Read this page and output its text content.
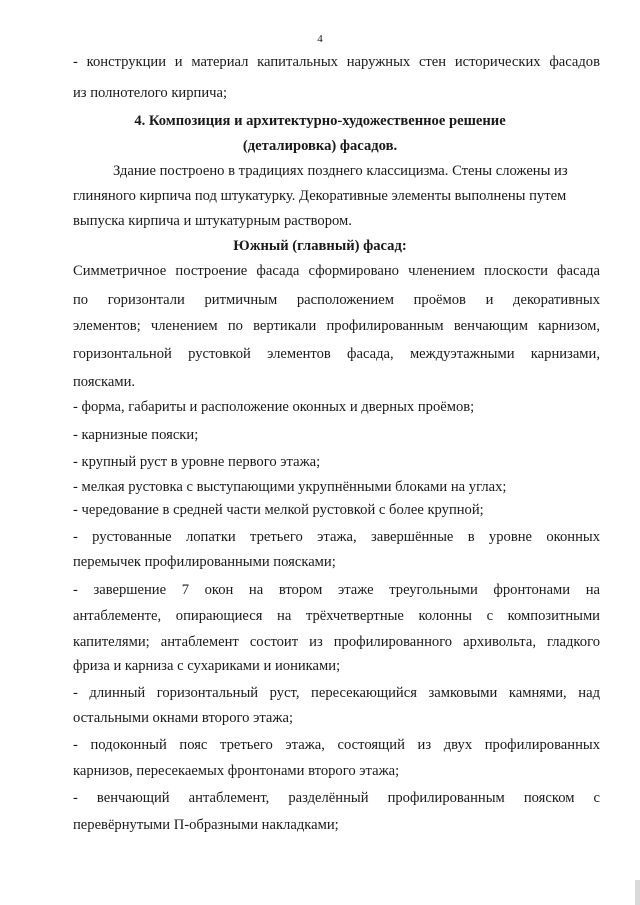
4
- конструкции и материал капитальных наружных стен исторических фасадов
из полнотелого кирпича;
4. Композиция и архитектурно-художественное решение
(деталировка) фасадов.
Здание построено в традициях позднего классицизма. Стены сложены из
глиняного кирпича под штукатурку. Декоративные элементы выполнены путем
выпуска кирпича и штукатурным раствором.
Южный (главный) фасад:
Симметричное построение фасада сформировано членением плоскости фасада
по горизонтали ритмичным расположением проёмов и декоративных
элементов; членением по вертикали профилированным венчающим карнизом,
горизонтальной рустовкой элементов фасада, междуэтажными карнизами,
поясками.
- форма, габариты и расположение оконных и дверных проёмов;
- карнизные пояски;
- крупный руст в уровне первого этажа;
- мелкая рустовка с выступающими укрупнёнными блоками на углах;
- чередование в средней части мелкой рустовкой с более крупной;
- рустованные лопатки третьего этажа, завершённые в уровне оконных
перемычек профилированными поясками;
- завершение 7 окон на втором этаже треугольными фронтонами на
антаблементе, опирающиеся на трёхчетвертные колонны с композитными
капителями; антаблемент состоит из профилированного архивольта, гладкого
фриза и карниза с сухариками и иониками;
- длинный горизонтальный руст, пересекающийся замковыми камнями, над
остальными окнами второго этажа;
- подоконный пояс третьего этажа, состоящий из двух профилированных
карнизов, пересекаемых фронтонами второго этажа;
- венчающий антаблемент, разделённый профилированным пояском с
перевёрнутыми П-образными накладками;
